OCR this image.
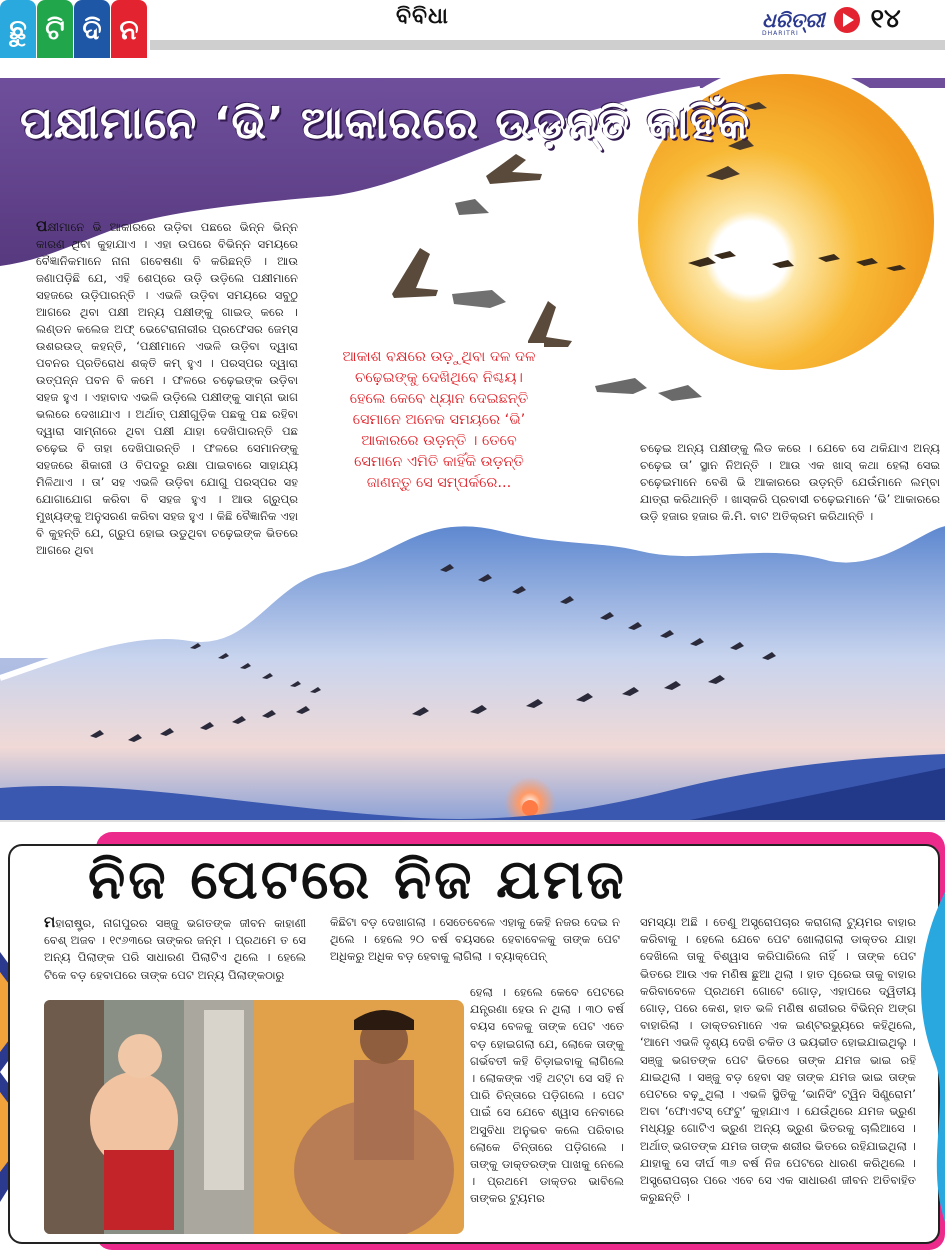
ଛୁ ଟି ଦି ନ	ବିବିଧା	ଧରିତ୍ରୀ
DHARITRI	୧୪
ପକ୍ଷୀମାନେ ‘ଭି’ ଆକାରରେ ଉଡ଼ନ୍ତି କାହିଁକି
ପକ୍ଷୀମାନେ ଭି ଆକାରରେ ଉଡ଼ିବା ପଛରେ ଭିନ୍ନ ଭିନ୍ନ କାରଣ ଥିବା କୁହାଯାଏ । ଏହା ଉପରେ ବିଭିନ୍ନ ସମୟରେ ବୈଜ୍ଞାନିକମାନେ ନାନା ଗବେଷଣା ବି କରିଛନ୍ତି । ଆଉ ଜଣାପଡ଼ିଛି ଯେ, ଏହି ଶେପ୍‌ରେ ଉଡ଼ି ଉଡ଼ିଲେ ପକ୍ଷୀମାନେ ସହଜରେ ଉଡ଼ିପାରନ୍ତି । ଏଭଳି ଉଡ଼ିବା ସମୟରେ ସବୁଠୁ ଆଗରେ ଥିବା ପକ୍ଷୀ ଅନ୍ୟ ପକ୍ଷୀଙ୍କୁ ଗାଇଡ୍ କରେ । ଲଣ୍ଡନ କଲେଜ ଅଫ୍ ଭେଟେରାନାରୀର ପ୍ରଫେସର ଜେମ୍ସ ଉଶରଉଡ୍ କହନ୍ତି, ‘ପକ୍ଷୀମାନେ ଏଭଳି ଉଡ଼ିବା ଦ୍ୱାରା ପବନର ପ୍ରତିରୋଧ ଶକ୍ତି କମ୍ ହୁଏ । ପରସ୍ପର ଦ୍ୱାରା ଉତ୍ପନ୍ନ ପବନ ବି କମେ । ଫଳରେ ଚଢ଼େଇଙ୍କ ଉଡ଼ିବା ସହଜ ହୁଏ । ଏହାବାଦ ଏଭଳି ଉଡ଼ିଲେ ପକ୍ଷୀଙ୍କୁ ସାମ୍ନା ଭାଗ ଭଲରେ ଦେଖାଯାଏ । ଅର୍ଥାତ୍ ପକ୍ଷୀଗୁଡ଼ିକ ପଛକୁ ପଛ ରହିବା ଦ୍ୱାରା ସାମ୍ନାରେ ଥିବା ପକ୍ଷୀ ଯାହା ଦେଖିପାରନ୍ତି ପଛ ଚଢ଼େଇ ବି ତାହା ଦେଖିପାରନ୍ତି । ଫଳରେ ସେମାନଙ୍କୁ ସହଜରେ ଶିକାରୀ ଓ ବିପଦରୁ ରକ୍ଷା ପାଇବାରେ ସାହାଯ୍ୟ ମିଳିଥାଏ । ତା’ ସହ ଏଭଳି ଉଡ଼ିବା ଯୋଗୁ ପରସ୍ପର ସହ ଯୋଗାଯୋଗ କରିବା ବି ସହଜ ହୁଏ । ଆଉ ଗ୍ରୁପ୍‌ର ମୁଖ୍ୟଙ୍କୁ ଅନୁସରଣ କରିବା ସହଜ ହୁଏ । କିଛି ବୈଜ୍ଞାନିକ ଏହା ବି କୁହନ୍ତି ଯେ, ଗ୍ରୁପ ହୋଇ ଉଡୁଥିବା ଚଢ଼େଇଙ୍କ ଭିତରେ ଆଗରେ ଥିବା
ଆକାଶ ବକ୍ଷରେ ଉଡ଼ୁଥିବା ଦଳ ଦଳ ଚଢ଼େଇଙ୍କୁ ଦେଖିଥିବେ ନିଶ୍ଚୟ। ହେଲେ କେବେ ଧ୍ୟାନ ଦେଇଛନ୍ତି ସେମାନେ ଅନେକ ସମୟରେ ‘ଭି’ ଆକାରରେ ଉଡ଼ନ୍ତି । ତେବେ ସେମାନେ ଏମିତି କାହିଁକି ଉଡ଼ନ୍ତି ଜାଣନ୍ତୁ ସେ ସମ୍ପର୍କରେ...
ଚଢ଼େଇ ଅନ୍ୟ ପକ୍ଷୀଙ୍କୁ ଲିଡ କରେ । ଯେବେ ସେ ଥକିଯାଏ ଅନ୍ୟ ଚଢ଼େଇ ତା’ ସ୍ଥାନ ନିଅନ୍ତି । ଆଉ ଏକ ଖାସ୍ କଥା ହେଲା ସେଇ ଚଢ଼େଇମାନେ ବେଶି ଭି ଆକାରରେ ଉଡ଼ନ୍ତି ଯେଉଁମାନେ ଲମ୍ବା ଯାତ୍ରା କରିଥାନ୍ତି । ଖାସ୍‌କରି ପ୍ରବାସୀ ଚଢ଼େଇମାନେ ‘ଭି’ ଆକାରରେ ଉଡ଼ି ହଜାର ହଜାର କି.ମି. ବାଟ ଅତିକ୍ରମ କରିଥାନ୍ତି ।
ନିଜ ପେଟରେ ନିଜ ଯମଜ
ମହାରାଷ୍ଟ୍ର, ନାଗପୁରର ସଞ୍ଜୁ ଭଗତଙ୍କ ଜୀବନ କାହାଣୀ ବେଶ୍ ଅଜବ । ୧୯୬୩ରେ ତାଙ୍କର ଜନ୍ମ । ପ୍ରଥମେ ତ ସେ ଅନ୍ୟ ପିଲାଙ୍କ ପରି ସାଧାରଣ ପିଲାଟିଏ ଥିଲେ । ହେଲେ ଟିକେ ବଡ଼ ହେବାପରେ ତାଙ୍କ ପେଟ ଅନ୍ୟ ପିଲାଙ୍କଠାରୁ
କିଛିଟା ବଡ଼ ଦେଖାଗଲା । ସେତେବେଳେ ଏହାକୁ କେହି ନଜର ଦେଇ ନ ଥିଲେ । ହେଲେ ୨୦ ବର୍ଷ ବୟସରେ ହେବାବେଳକୁ ତାଙ୍କ ପେଟ ଅଧିକରୁ ଅଧିକ ବଡ଼ ହେବାକୁ ଲାଗିଲା । ବ୍ୟାକ୍‌ପେନ୍
ହେଲା । ହେଲେ କେବେ ପେଟରେ ଯନ୍ତ୍ରଣା ହେଉ ନ ଥିଲା । ୩୦ ବର୍ଷ ବୟସ ବେଳକୁ ତାଙ୍କ ପେଟ ଏତେ ବଡ଼ ହୋଇଗଲା ଯେ, ଲୋକେ ତାଙ୍କୁ ଗର୍ଭବତୀ କହି ଚିଡ଼ାଇବାକୁ ଲାଗିଲେ । ଲୋକଙ୍କ ଏହି ଥଟ୍ଟା ସେ ସହି ନ ପାରି ଚିନ୍ତାରେ ପଡ଼ିଗଲେ । ପେଟ ପାଇଁ ସେ ଯେବେ ଶ୍ୱାସ ନେବାରେ ଅସୁବିଧା ଅନୁଭବ କଲେ ପରିବାର ଲୋକେ ଚିନ୍ତାରେ ପଡ଼ିଗଲେ । ତାଙ୍କୁ ଡାକ୍ତରଙ୍କ ପାଖକୁ ନେଲେ । ପ୍ରଥମେ ଡାକ୍ତର ଭାବିଲେ ତାଙ୍କର ଟ୍ୟୁମର
ସମସ୍ୟା ଅଛି । ତେଣୁ ଅସ୍ତ୍ରୋପଚାର କରାଗଲା ଟ୍ୟୁମର ବାହାର କରିବାକୁ । ହେଲେ ଯେବେ ପେଟ ଖୋଲାଗଲା ଡାକ୍ତର ଯାହା ଦେଖିଲେ ତାକୁ ବିଶ୍ୱାସ କରିପାରିଲେ ନାହିଁ । ତାଙ୍କ ପେଟ ଭିତରେ ଆଉ ଏକ ମଣିଷ ଛୁଆ ଥିଲା । ହାତ ପୂରେଇ ତାକୁ ବାହାର କରିବାବେଳେ ପ୍ରଥମେ ଗୋଟେ ଗୋଡ଼, ଏହାପରେ ଦ୍ୱିତୀୟ ଗୋଡ଼, ପରେ କେଶ, ହାତ ଭଳି ମଣିଷ ଶରୀରର ବିଭିନ୍ନ ଅଙ୍ଗ ବାହାରିଲା । ଡାକ୍ତରମାନେ ଏକ ଇଣ୍ଟରଭ୍ୟୁରେ କହିଥିଲେ, ‘ଆମେ ଏଭଳି ଦୃଶ୍ୟ ଦେଖି ଚକିତ ଓ ଭୟଭୀତ ହୋଇଯାଇଥିଲୁ । ସଞ୍ଜୁ ଭଗତଙ୍କ ପେଟ ଭିତରେ ତାଙ୍କ ଯମଜ ଭାଇ ରହି ଯାଇଥିଲା । ସଞ୍ଜୁ ବଡ଼ ହେବା ସହ ତାଙ୍କ ଯମଜ ଭାଇ ତାଙ୍କ ପେଟରେ ବଢ଼ୁଥିଲା । ଏଭଳି ସ୍ଥିତିକୁ ‘ଭାନିସିଂ ଟ୍ୱିନ ସିଣ୍ଡ୍ରୋମ’ ଅବା ‘ଫୋଏଟସ୍ ଫେଟୁ’ କୁହାଯାଏ । ଯେଉଁଥିରେ ଯମଜ ଭ୍ରୁଣ ମଧ୍ୟରୁ ଗୋଟିଏ ଭ୍ରୁଣ ଅନ୍ୟ ଭ୍ରୁଣ ଭିତରକୁ ଚାଲିଆସେ । ଅର୍ଥାତ୍ ଭଗତଙ୍କ ଯମଜ ତାଙ୍କ ଶରୀର ଭିତରେ ରହିଯାଇଥିଲା । ଯାହାକୁ ସେ ଦୀର୍ଘ ୩୬ ବର୍ଷ ନିଜ ପେଟରେ ଧାରଣ କରିଥିଲେ । ଅସ୍ତ୍ରୋପଚାର ପରେ ଏବେ ସେ ଏକ ସାଧାରଣ ଜୀବନ ଅତିବାହିତ କରୁଛନ୍ତି ।
